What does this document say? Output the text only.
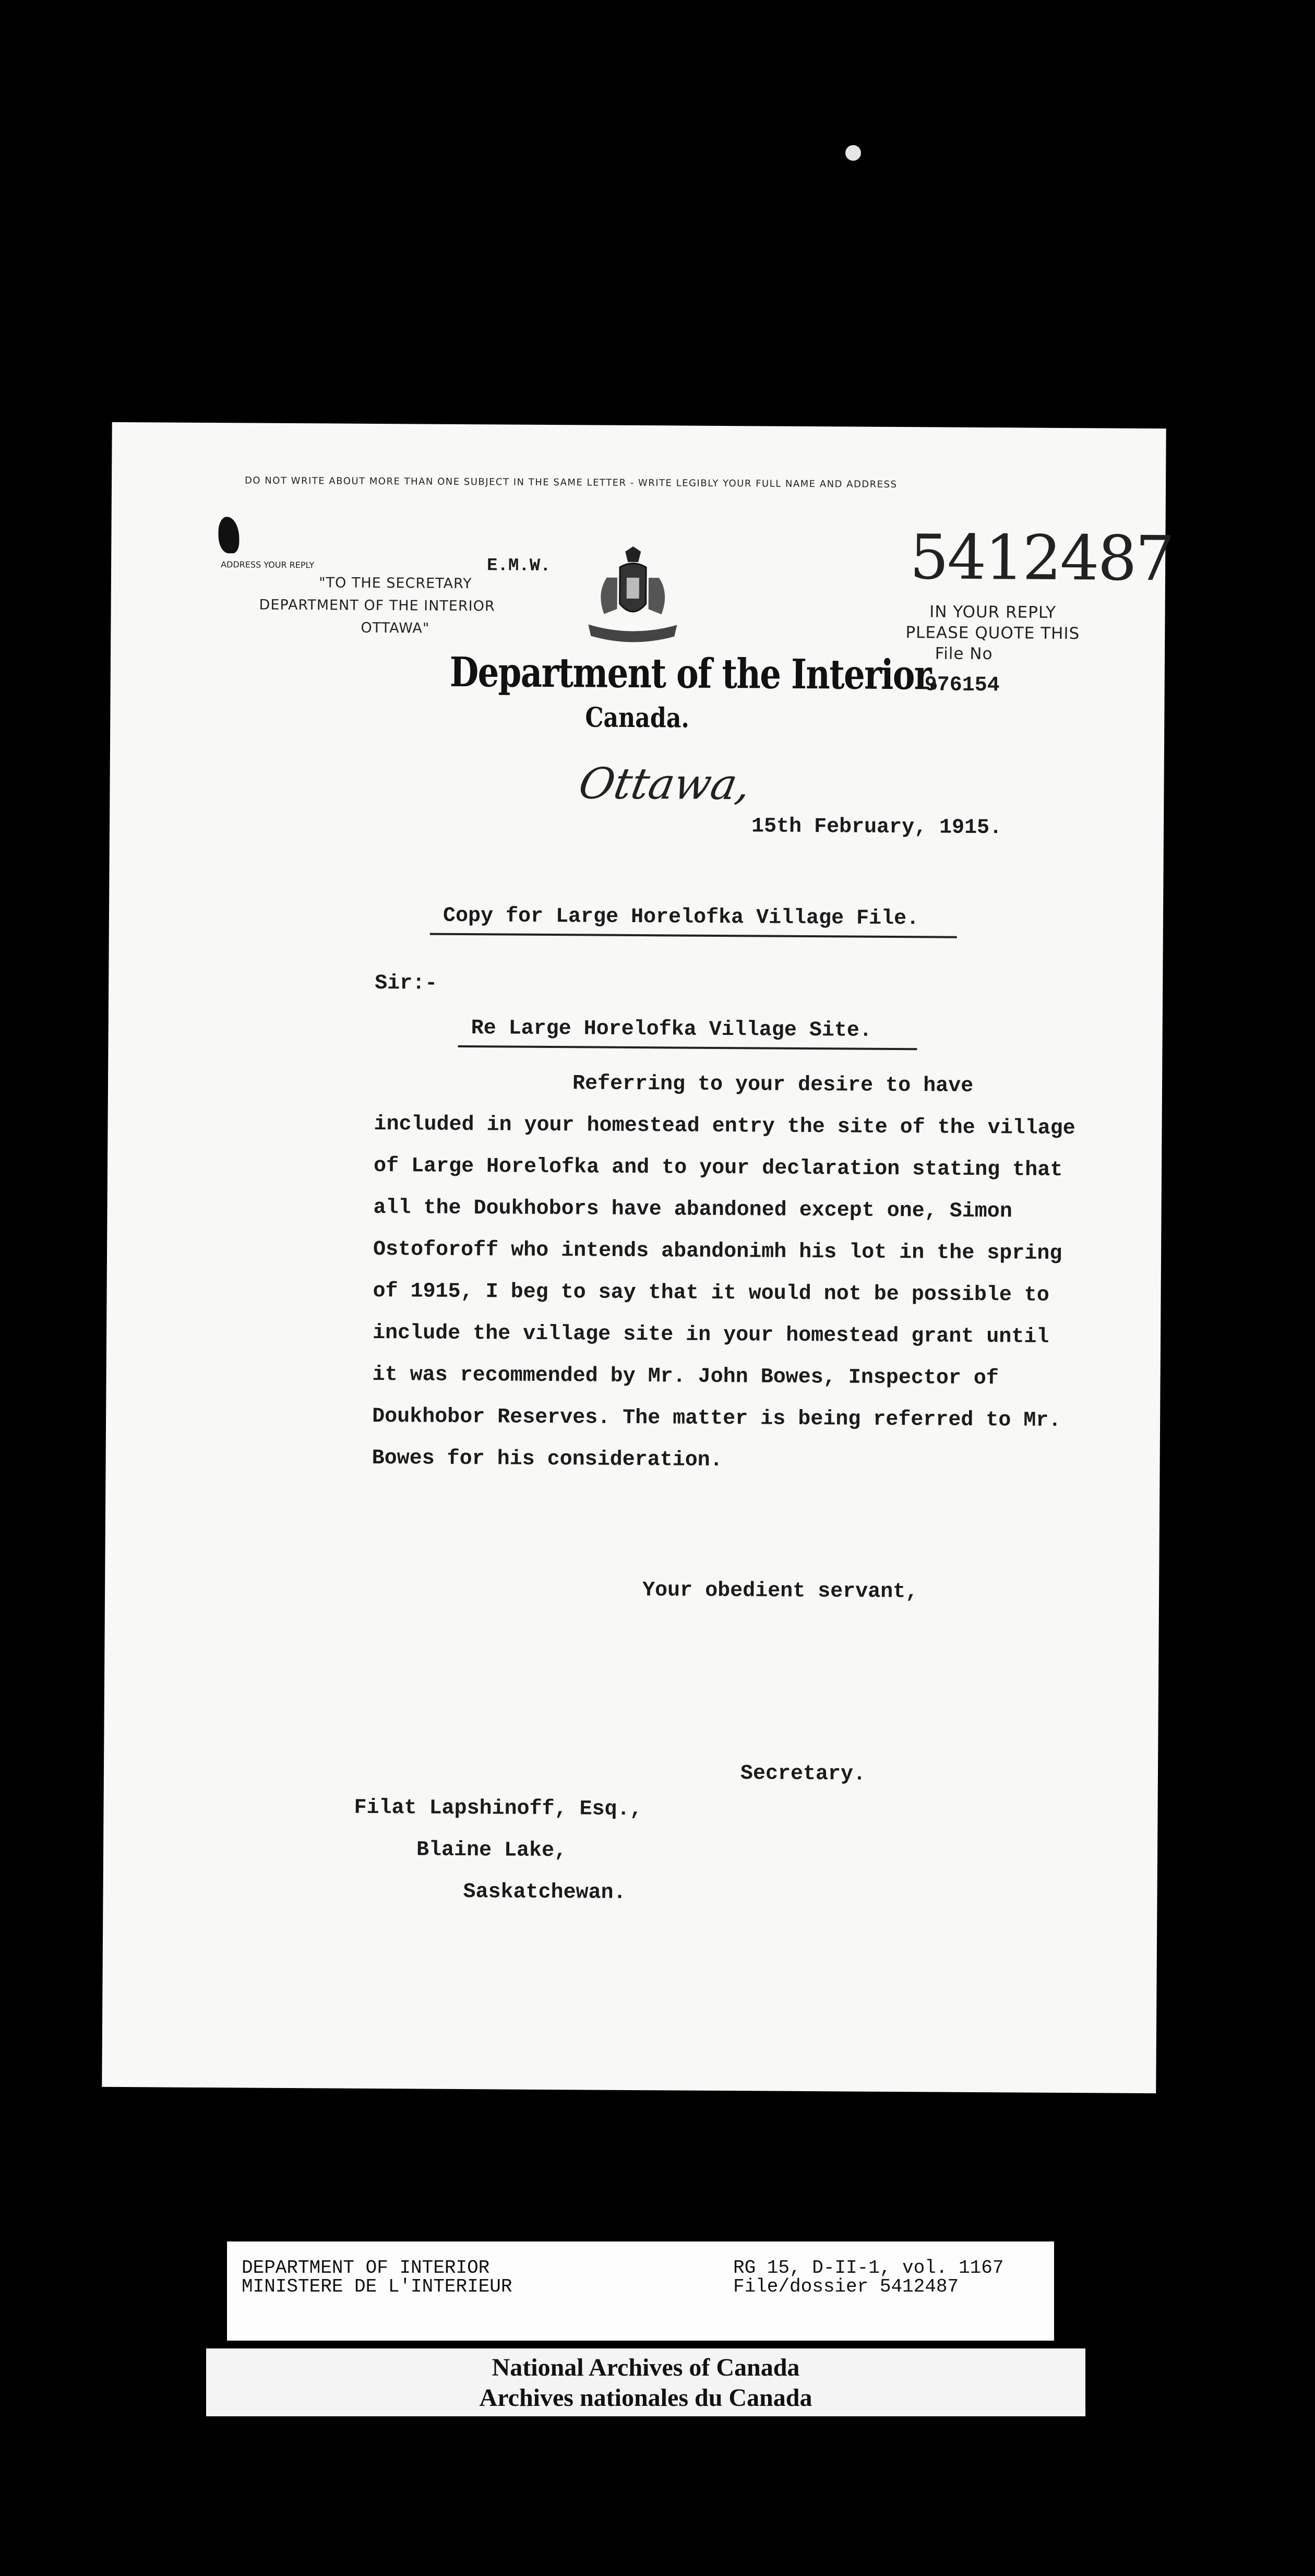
DO NOT WRITE ABOUT MORE THAN ONE SUBJECT IN THE SAME LETTER - WRITE LEGIBLY YOUR FULL NAME AND ADDRESS
ADDRESS YOUR REPLY
"TO THE SECRETARY
DEPARTMENT OF THE INTERIOR
OTTAWA"
E.M.W.
Department of the Interior.
Canada.
5412487
IN YOUR REPLY
PLEASE QUOTE THIS
File No
976154
Ottawa,
15th February, 1915.
Copy for Large Horelofka Village File.
Sir:-
Re Large Horelofka Village Site.
Referring to your desire to have
included in your homestead entry the site of the village
of Large Horelofka and to your declaration stating that
all the Doukhobors have abandoned except one, Simon
Ostoforoff who intends abandonimh his lot in the spring
of 1915, I beg to say that it would not be possible to
include the village site in your homestead grant until
it was recommended by Mr. John Bowes, Inspector of
Doukhobor Reserves. The matter is being referred to Mr.
Bowes for his consideration.
Your obedient servant,
Secretary.
Filat Lapshinoff, Esq.,
Blaine Lake,
Saskatchewan.
DEPARTMENT OF INTERIOR
MINISTERE DE L'INTERIEUR
RG 15, D-II-1, vol. 1167
File/dossier 5412487
National Archives of Canada
Archives nationales du Canada
